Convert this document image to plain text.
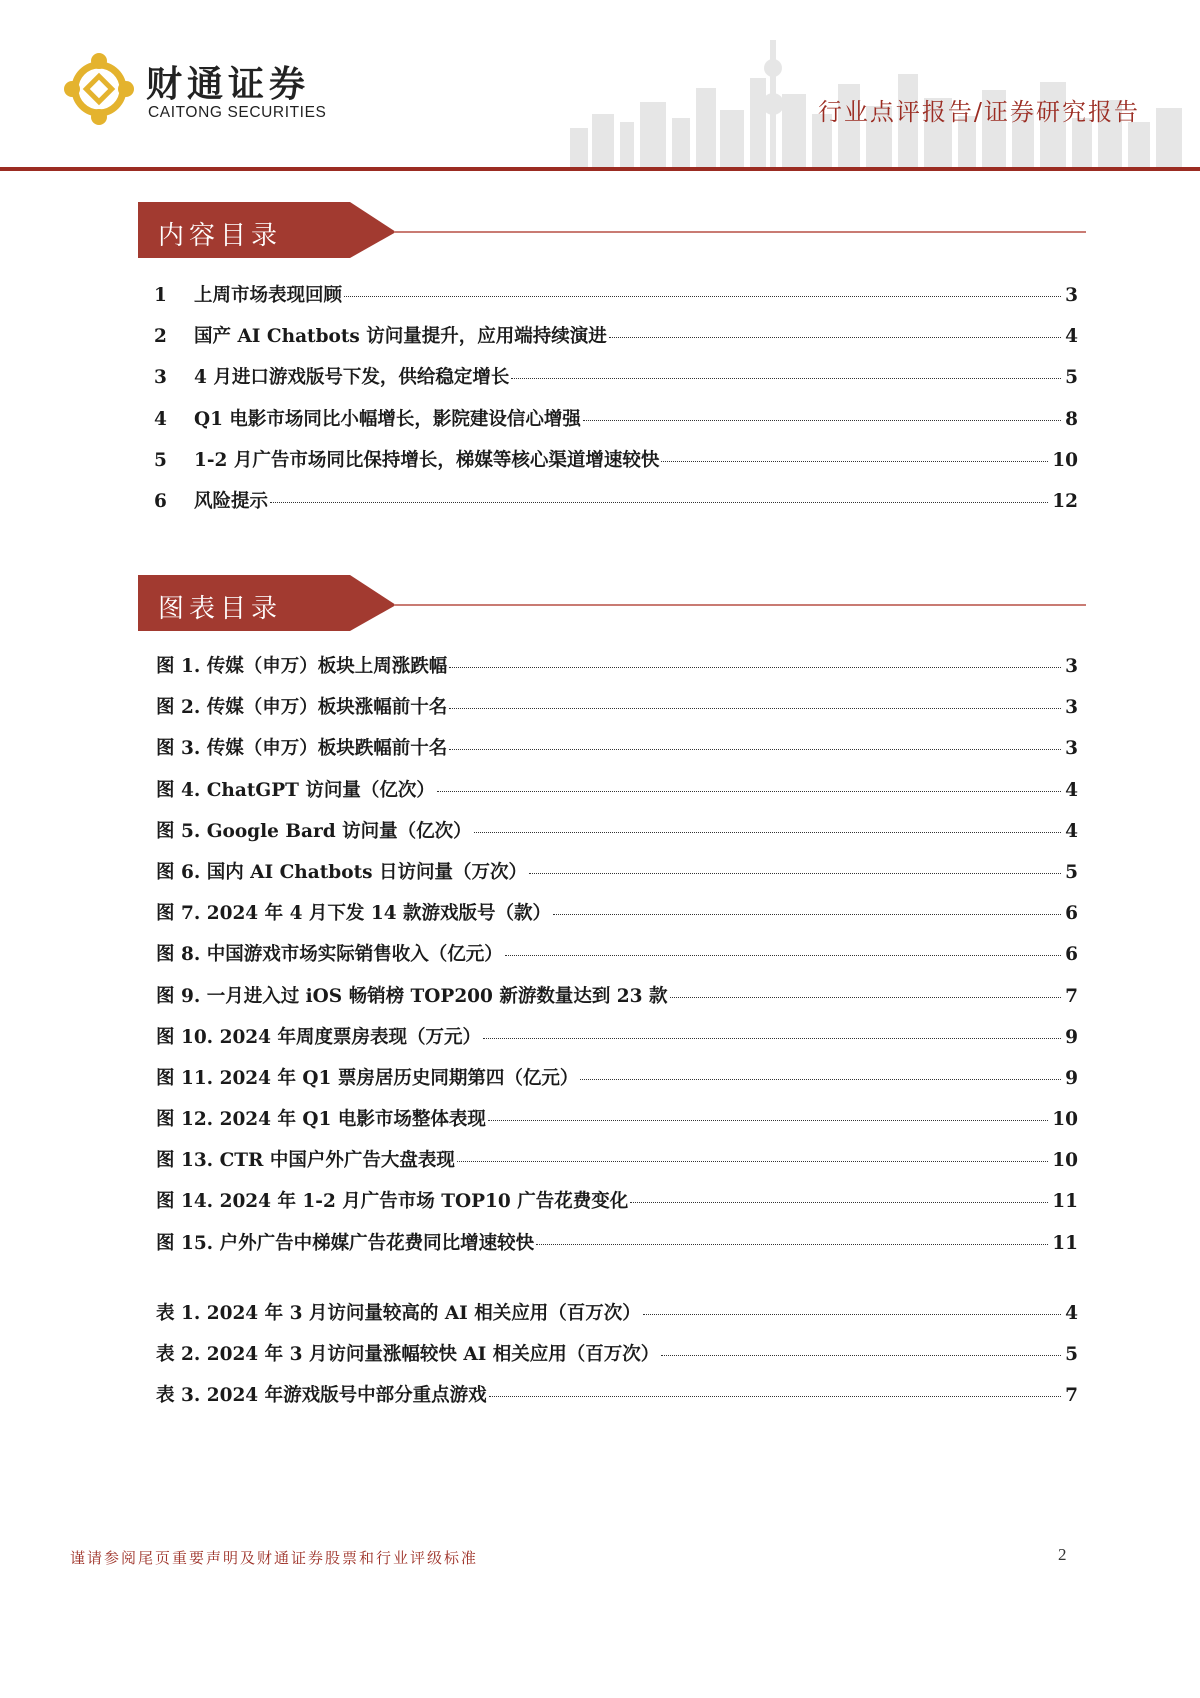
财通证券
CAITONG SECURITIES	行业点评报告/证券研究报告
内容目录
1	上周市场表现回顾	3
2	国产 AI Chatbots 访问量提升，应用端持续演进	4
3	4 月进口游戏版号下发，供给稳定增长	5
4	Q1 电影市场同比小幅增长，影院建设信心增强	8
5	1-2 月广告市场同比保持增长，梯媒等核心渠道增速较快	10
6	风险提示	12
图表目录
图 1. 传媒（申万）板块上周涨跌幅	3
图 2. 传媒（申万）板块涨幅前十名	3
图 3. 传媒（申万）板块跌幅前十名	3
图 4. ChatGPT 访问量（亿次）	4
图 5. Google Bard 访问量（亿次）	4
图 6. 国内 AI Chatbots 日访问量（万次）	5
图 7. 2024 年 4 月下发 14 款游戏版号（款）	6
图 8. 中国游戏市场实际销售收入（亿元）	6
图 9. 一月进入过 iOS 畅销榜 TOP200 新游数量达到 23 款	7
图 10. 2024 年周度票房表现（万元）	9
图 11. 2024 年 Q1 票房居历史同期第四（亿元）	9
图 12. 2024 年 Q1 电影市场整体表现	10
图 13. CTR 中国户外广告大盘表现	10
图 14. 2024 年 1-2 月广告市场 TOP10 广告花费变化	11
图 15. 户外广告中梯媒广告花费同比增速较快	11
表 1. 2024 年 3 月访问量较高的 AI 相关应用（百万次）	4
表 2. 2024 年 3 月访问量涨幅较快 AI 相关应用（百万次）	5
表 3. 2024 年游戏版号中部分重点游戏	7
谨请参阅尾页重要声明及财通证券股票和行业评级标准	2
